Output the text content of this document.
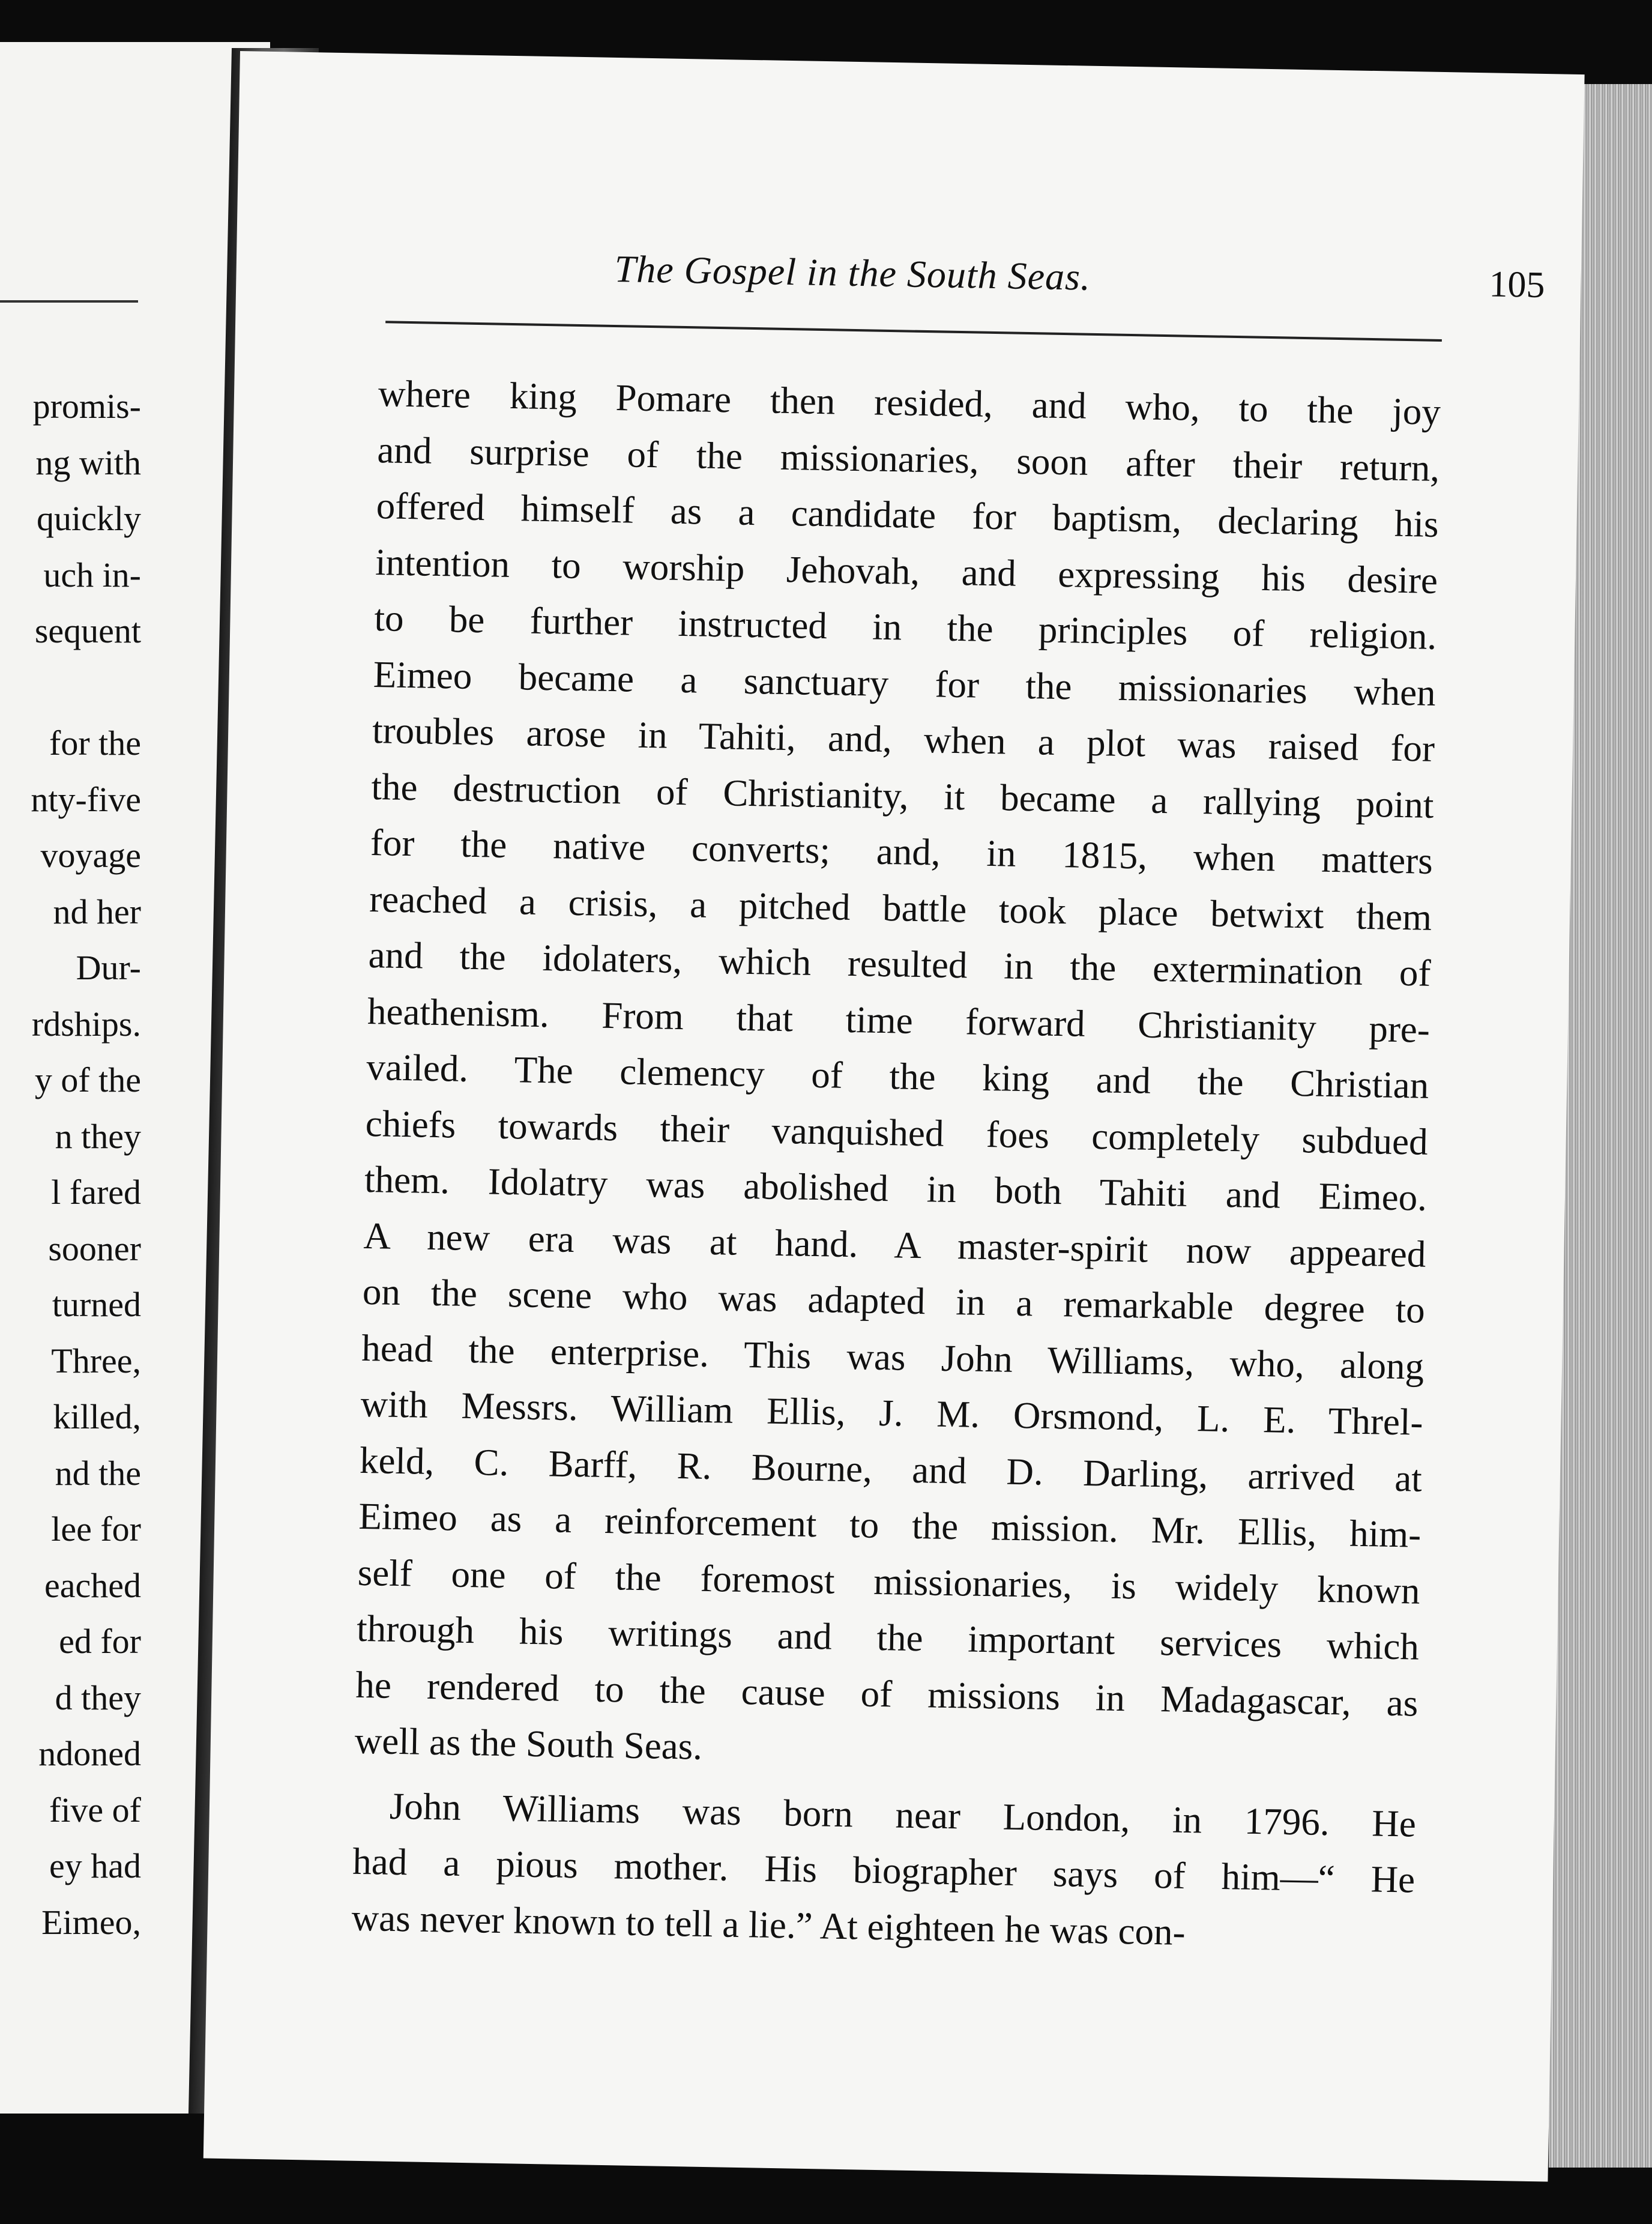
promis-
ng with
quickly
uch in-
sequent

for the
nty-five
voyage
nd her
Dur-
rdships.
y of the
n they
l fared
sooner
turned
Three,
killed,
nd the
lee for
eached
ed for
d they
ndoned
five of
ey had
Eimeo,
The Gospel in the South Seas.	105
where king Pomare then resided, and who, to the joy
and surprise of the missionaries, soon after their return,
offered himself as a candidate for baptism, declaring his
intention to worship Jehovah, and expressing his desire
to be further instructed in the principles of religion.
Eimeo became a sanctuary for the missionaries when
troubles arose in Tahiti, and, when a plot was raised for
the destruction of Christianity, it became a rallying point
for the native converts; and, in 1815, when matters
reached a crisis, a pitched battle took place betwixt them
and the idolaters, which resulted in the extermination of
heathenism. From that time forward Christianity pre-
vailed. The clemency of the king and the Christian
chiefs towards their vanquished foes completely subdued
them. Idolatry was abolished in both Tahiti and Eimeo.
A new era was at hand. A master-spirit now appeared
on the scene who was adapted in a remarkable degree to
head the enterprise. This was John Williams, who, along
with Messrs. William Ellis, J. M. Orsmond, L. E. Threl-
keld, C. Barff, R. Bourne, and D. Darling, arrived at
Eimeo as a reinforcement to the mission. Mr. Ellis, him-
self one of the foremost missionaries, is widely known
through his writings and the important services which
he rendered to the cause of missions in Madagascar, as
well as the South Seas.
John Williams was born near London, in 1796. He
had a pious mother. His biographer says of him—“ He
was never known to tell a lie.” At eighteen he was con-
